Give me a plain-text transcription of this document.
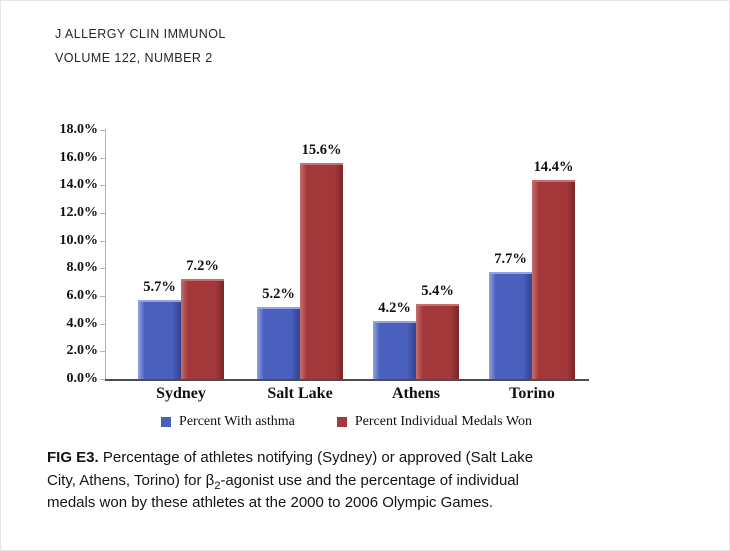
J ALLERGY CLIN IMMUNOL
VOLUME 122, NUMBER 2
0.0%
2.0%
4.0%
6.0%
8.0%
10.0%
12.0%
14.0%
16.0%
18.0%
5.7%
7.2%
5.2%
15.6%
4.2%
5.4%
7.7%
14.4%
Sydney	Salt Lake	Athens	Torino
Percent With asthma	Percent Individual Medals Won
FIG E3. Percentage of athletes notifying (Sydney) or approved (Salt Lake
City, Athens, Torino) for $\beta_2$-agonist use and the percentage of individual
medals won by these athletes at the 2000 to 2006 Olympic Games.
